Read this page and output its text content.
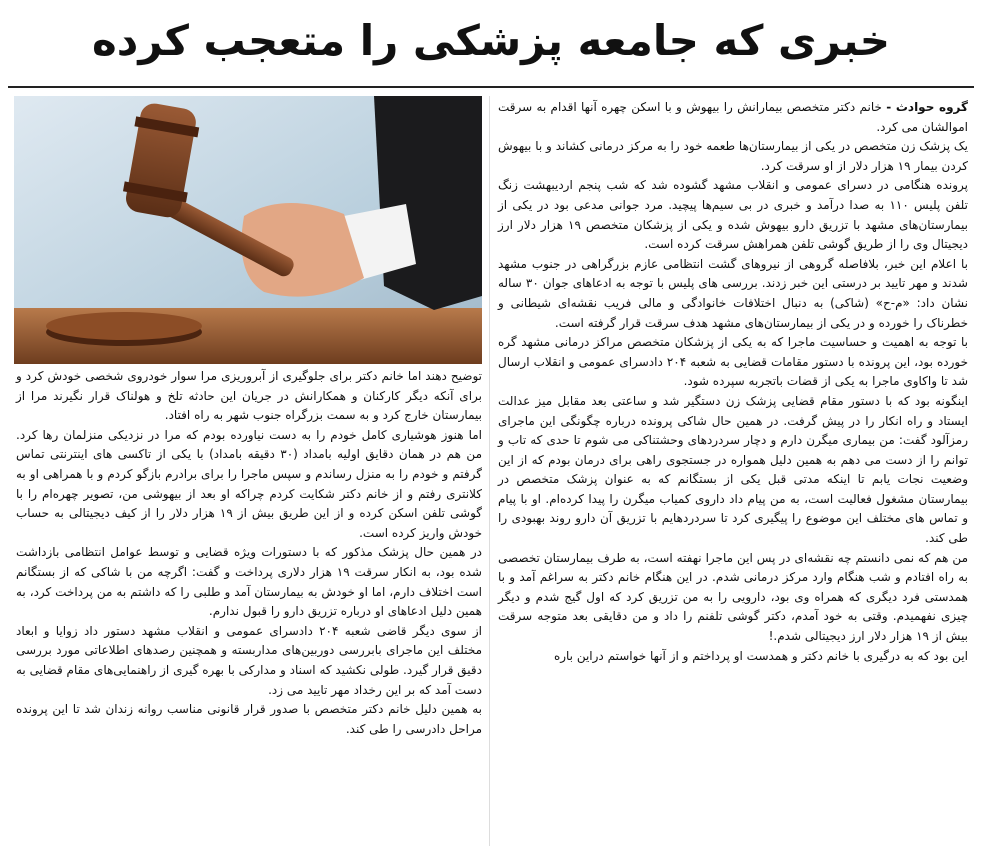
خبری که جامعه پزشکی را متعجب کرده

گروه حوادث - خانم دکتر متخصص بیمارانش را بیهوش و با اسکن چهره آنها اقدام به سرقت اموالشان می کرد.

یک پزشک زن متخصص در یکی از بیمارستان‌ها طعمه خود را به مرکز درمانی کشاند و با بیهوش کردن بیمار ۱۹ هزار دلار از او سرقت کرد.

پرونده هنگامی در دسرای عمومی و انقلاب مشهد گشوده شد که شب پنجم اردیبهشت زنگ تلفن پلیس ۱۱۰ به صدا درآمد و خبری در بی سیم‌ها پیچید. مرد جوانی مدعی بود در یکی از بیمارستان‌های مشهد با تزریق دارو بیهوش شده و یکی از پزشکان متخصص ۱۹ هزار دلار ارز دیجیتال وی را از طریق گوشی تلفن همراهش سرقت کرده است.

با اعلام این خبر، بلافاصله گروهی از نیروهای گشت انتظامی عازم بزرگراهی در جنوب مشهد شدند و مهر تایید بر درستی این خبر زدند. بررسی های پلیس با توجه به ادعاهای جوان ۳۰ ساله نشان داد: «م-ح» (شاکی) به دنبال اختلافات خانوادگی و مالی فریب نقشه‌ای شیطانی و خطرناک را خورده و در یکی از بیمارستان‌های مشهد هدف سرقت قرار گرفته است.

با توجه به اهمیت و حساسیت ماجرا که به یکی از پزشکان متخصص مراکز درمانی مشهد گره خورده بود، این پرونده با دستور مقامات قضایی به شعبه ۲۰۴ دادسرای عمومی و انقلاب ارسال شد تا واکاوی ماجرا به یکی از قضات باتجربه سپرده شود.

اینگونه بود که با دستور مقام قضایی پزشک زن دستگیر شد و ساعتی بعد مقابل میز عدالت ایستاد و راه انکار را در پیش گرفت. در همین حال شاکی پرونده درباره چگونگی این ماجرای رمزآلود گفت: من بیماری میگرن دارم و دچار سردردهای وحشتناکی می شوم تا حدی که تاب و توانم را از دست می دهم به همین دلیل همواره در جستجوی راهی برای درمان بودم که از این وضعیت نجات یابم تا اینکه مدتی قبل یکی از بستگانم که به عنوان پزشک متخصص در بیمارستان مشغول فعالیت است، به من پیام داد داروی کمیاب میگرن را پیدا کرده‌ام. او با پیام و تماس های مختلف این موضوع را پیگیری کرد تا سردردهایم با تزریق آن دارو روند بهبودی را طی کند.

من هم که نمی دانستم چه نقشه‌ای در پس این ماجرا نهفته است، به طرف بیمارستان تخصصی به راه افتادم و شب هنگام وارد مرکز درمانی شدم. در این هنگام خانم دکتر به سراغم آمد و با همدستی فرد دیگری که همراه وی بود، دارویی را به من تزریق کرد که اول گیج شدم و دیگر چیزی نفهمیدم. وقتی به خود آمدم، دکتر گوشی تلفنم را داد و من دقایقی بعد متوجه سرقت بیش از ۱۹ هزار دلار ارز دیجیتالی شدم.!

این بود که به درگیری با خانم دکتر و همدست او پرداختم و از آنها خواستم دراین باره

توضیح دهند اما خانم دکتر برای جلوگیری از آبروریزی مرا سوار خودروی شخصی خودش کرد و برای آنکه دیگر کارکنان و همکارانش در جریان این حادثه تلخ و هولناک قرار نگیرند مرا از بیمارستان خارج کرد و به سمت بزرگراه جنوب شهر به راه افتاد.

اما هنوز هوشیاری کامل خودم را به دست نیاورده بودم که مرا در نزدیکی منزلمان رها کرد. من هم در همان دقایق اولیه بامداد (۳۰ دقیقه بامداد) با یکی از تاکسی های اینترنتی تماس گرفتم و خودم را به منزل رساندم و سپس ماجرا را برای برادرم بازگو کردم و با همراهی او به کلانتری رفتم و از خانم دکتر شکایت کردم چراکه او بعد از بیهوشی من، تصویر چهره‌ام را با گوشی تلفن اسکن کرده و از این طریق بیش از ۱۹ هزار دلار را از کیف دیجیتالی به حساب خودش واریز کرده است.

در همین حال پزشک مذکور که با دستورات ویژه قضایی و توسط عوامل انتظامی بازداشت شده بود، به انکار سرقت ۱۹ هزار دلاری پرداخت و گفت: اگرچه من با شاکی که از بستگانم است اختلاف دارم، اما او خودش به بیمارستان آمد و طلبی را که داشتم به من پرداخت کرد، به همین دلیل ادعاهای او درباره تزریق دارو را قبول ندارم.

از سوی دیگر قاضی شعبه ۲۰۴ دادسرای عمومی و انقلاب مشهد دستور داد زوایا و ابعاد مختلف این ماجرای بابررسی دوربین‌های مداربسته و همچنین رصدهای اطلاعاتی مورد بررسی دقیق قرار گیرد. طولی نکشید که اسناد و مدارکی با بهره گیری از راهنمایی‌های مقام قضایی به دست آمد که بر این رخداد مهر تایید می زد.

به همین دلیل خانم دکتر متخصص با صدور قرار قانونی مناسب روانه زندان شد تا این پرونده مراحل دادرسی را طی کند.
